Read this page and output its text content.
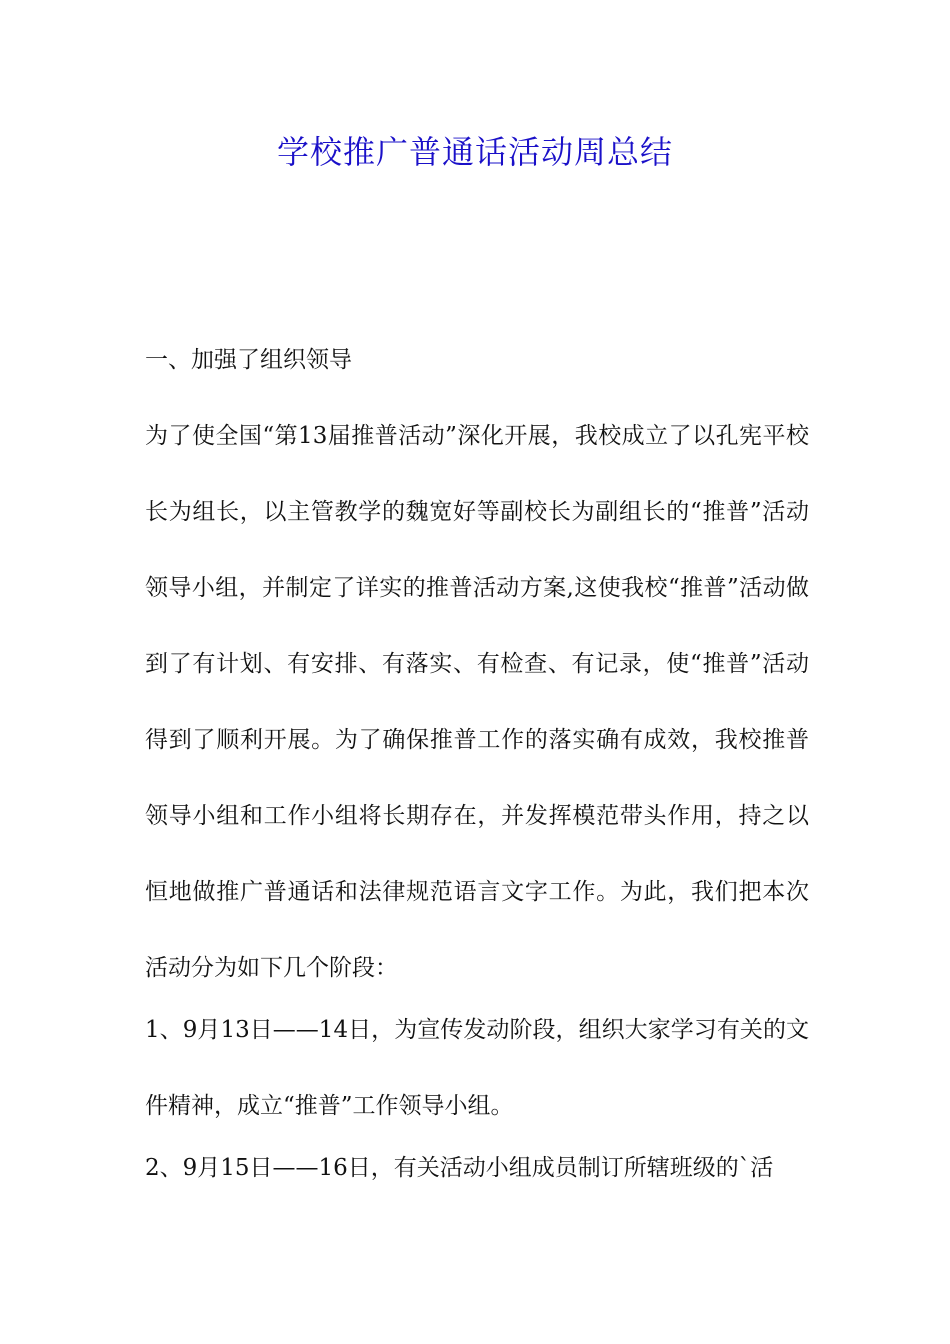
学校推广普通话活动周总结

一、加强了组织领导

为了使全国“第13届推普活动”深化开展，我校成立了以孔宪平校长为组长，以主管教学的魏宽好等副校长为副组长的“推普”活动领导小组，并制定了详实的推普活动方案,这使我校“推普”活动做到了有计划、有安排、有落实、有检查、有记录，使“推普”活动得到了顺利开展。为了确保推普工作的落实确有成效，我校推普领导小组和工作小组将长期存在，并发挥模范带头作用，持之以恒地做推广普通话和法律规范语言文字工作。为此，我们把本次活动分为如下几个阶段：

1、9月13日——14日，为宣传发动阶段，组织大家学习有关的文件精神，成立“推普”工作领导小组。

2、9月15日——16日，有关活动小组成员制订所辖班级的`活
